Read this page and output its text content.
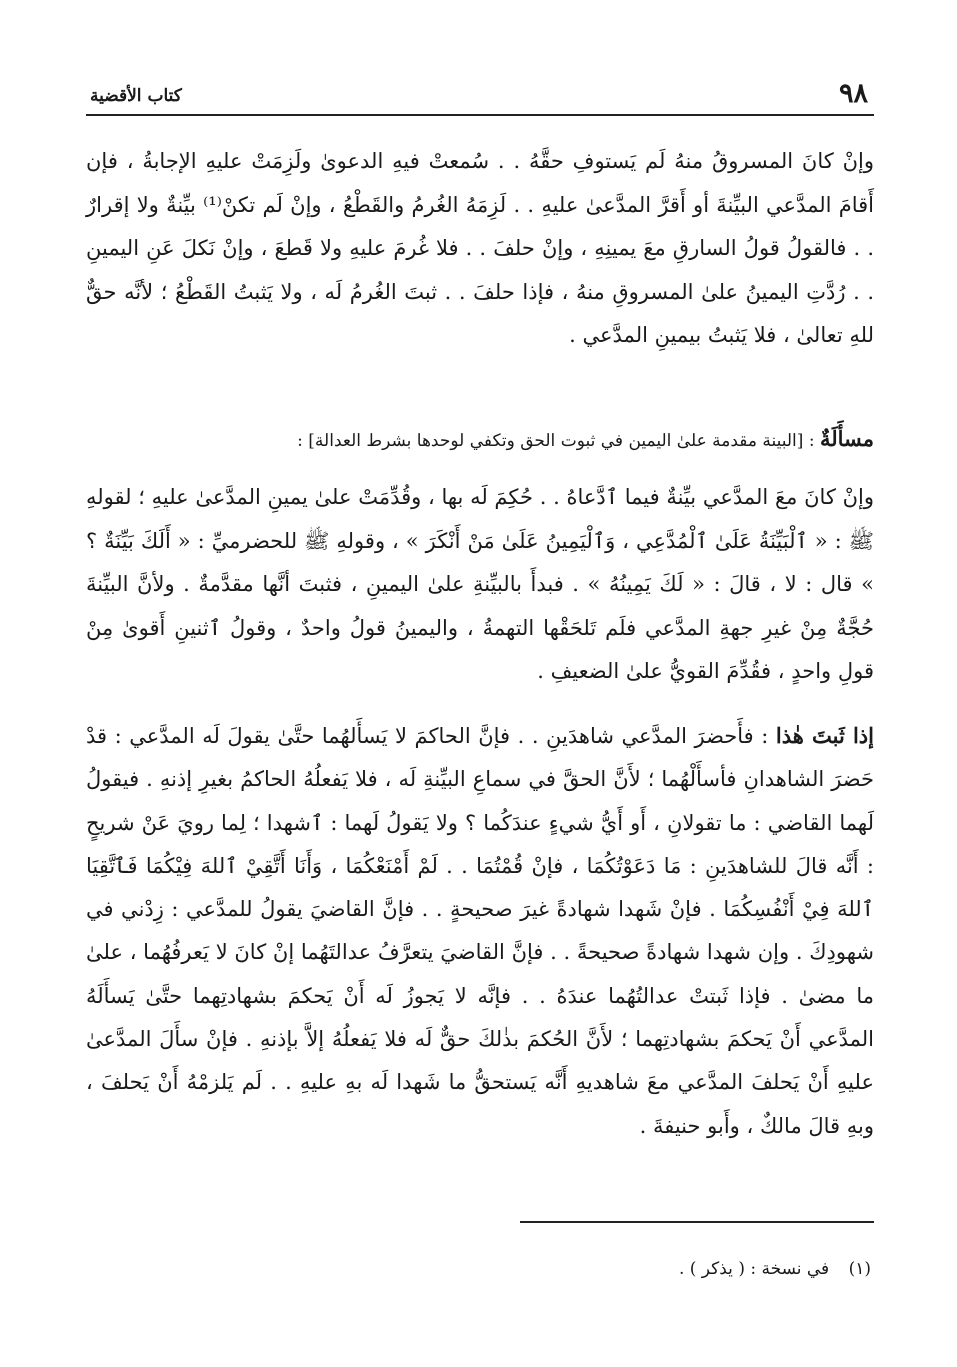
٩٨
كتاب الأقضية

وإنْ كانَ المسروقُ منهُ لَم يَستوفِ حقَّهُ . . سُمعتْ فيهِ الدعوىٰ ولَزِمَتْ عليهِ الإجابةُ ، فإن أَقامَ المدَّعي البيِّنةَ أو أَقرَّ المدَّعىٰ عليهِ . . لَزِمَهُ الغُرمُ والقَطْعُ ، وإنْ لَم تكنْ⁽¹⁾ بيِّنةٌ ولا إقرارٌ . . فالقولُ قولُ السارقِ معَ يمينِهِ ، وإنْ حلفَ . . فلا غُرمَ عليهِ ولا قَطعَ ، وإنْ نَكلَ عَنِ اليمينِ . . رُدَّتِ اليمينُ علىٰ المسروقِ منهُ ، فإذا حلفَ . . ثبتَ الغُرمُ لَه ، ولا يَثبتُ القَطْعُ ؛ لأنَّه حقٌّ للهِ تعالىٰ ، فلا يَثبتُ بيمينِ المدَّعي .

مسأَلَةٌ : [البينة مقدمة علىٰ اليمين في ثبوت الحق وتكفي لوحدها بشرط العدالة] :

وإنْ كانَ معَ المدَّعي بيِّنةٌ فيما ٱدَّعاهُ . . حُكِمَ لَه بها ، وقُدِّمَتْ علىٰ يمينِ المدَّعىٰ عليهِ ؛ لقولهِ ﷺ : « ٱلْبَيِّنَةُ عَلَىٰ ٱلْمُدَّعِي ، وَٱلْيَمِينُ عَلَىٰ مَنْ أَنْكَرَ » ، وقولهِ ﷺ للحضرميِّ : « أَلَكَ بَيِّنَةٌ ؟ » قال : لا ، قالَ : « لَكَ يَمِينُهُ » . فبدأَ بالبيِّنةِ علىٰ اليمينِ ، فثبتَ أنَّها مقدَّمةٌ . ولأنَّ البيِّنةَ حُجَّةٌ مِنْ غيرِ جهةِ المدَّعي فلَم تَلحَقْها التهمةُ ، واليمينُ قولُ واحدٌ ، وقولُ ٱثنينِ أَقوىٰ مِنْ قولِ واحدٍ ، فقُدِّمَ القويُّ علىٰ الضعيفِ .

إذا ثَبتَ هٰذا : فأَحضرَ المدَّعي شاهدَينِ . . فإنَّ الحاكمَ لا يَسأَلهُما حتَّىٰ يقولَ لَه المدَّعي : قدْ حَضرَ الشاهدانِ فأسأَلْهُما ؛ لأَنَّ الحقَّ في سماعِ البيِّنةِ لَه ، فلا يَفعلُهُ الحاكمُ بغيرِ إذنهِ . فيقولُ لَهما القاضي : ما تقولانِ ، أَو أَيُّ شيءٍ عندَكُما ؟ ولا يَقولُ لَهما : ٱشهدا ؛ لِما رويَ عَنْ شريحٍ : أَنَّه قالَ للشاهدَينِ : مَا دَعَوْتُكُمَا ، فإنْ قُمْتُمَا . . لَمْ أَمْنَعْكُمَا ، وَأَنَا أَتَّقِيْ ٱللهَ فِيْكُمَا فَٱتَّقِيَا ٱللهَ فِيْ أَنْفُسِكُمَا . فإنْ شَهدا شهادةً غيرَ صحيحةٍ . . فإنَّ القاضيَ يقولُ للمدَّعي : زِدْني في شهودِكَ . وإن شهدا شهادةً صحيحةً . . فإنَّ القاضيَ يتعرَّفُ عدالتَهُما إنْ كانَ لا يَعرفُهُما ، علىٰ ما مضىٰ . فإذا ثَبتتْ عدالتُهُما عندَهُ . . فإنَّه لا يَجوزُ لَه أَنْ يَحكمَ بشهادتِهما حتَّىٰ يَسأَلَهُ المدَّعي أَنْ يَحكمَ بشهادتِهما ؛ لأَنَّ الحُكمَ بذٰلكَ حقٌّ لَه فلا يَفعلُهُ إلاَّ بإذنهِ . فإنْ سأَلَ المدَّعىٰ عليهِ أَنْ يَحلفَ المدَّعي معَ شاهديهِ أَنَّه يَستحقُّ ما شَهدا لَه بهِ عليهِ . . لَم يَلزمْهُ أَنْ يَحلفَ ، وبهِ قالَ مالكٌ ، وأَبو حنيفةَ .

(١) في نسخة : ( يذكر ) .
